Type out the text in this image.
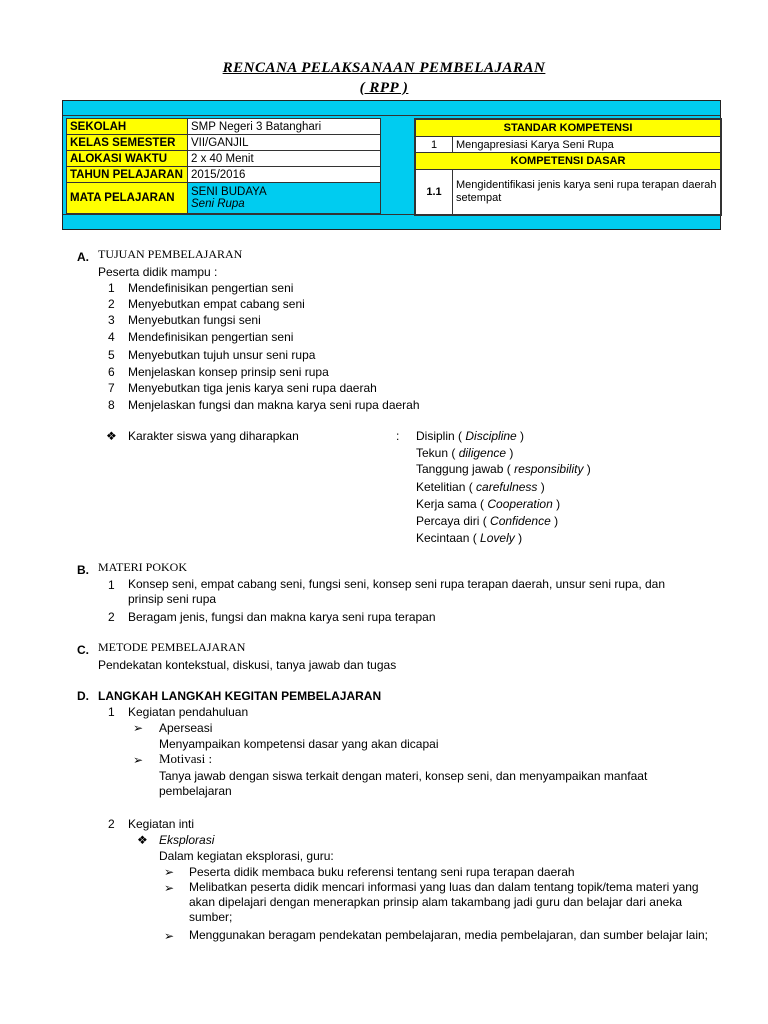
RENCANA PELAKSANAAN PEMBELAJARAN
( RPP )
SEKOLAH	SMP Negeri 3 Batanghari
KELAS SEMESTER	VII/GANJIL
ALOKASI WAKTU	2 x 40 Menit
TAHUN PELAJARAN	2015/2016
MATA PELAJARAN	SENI BUDAYA
Seni Rupa
STANDAR KOMPETENSI	
1	Mengapresiasi Karya Seni Rupa
KOMPETENSI DASAR	
1.1	Mengidentifikasi jenis karya seni rupa terapan daerah setempat
A. TUJUAN PEMBELAJARAN
Peserta didik mampu :
1 Mendefinisikan pengertian seni
2 Menyebutkan empat cabang seni
3 Menyebutkan fungsi seni
4 Mendefinisikan pengertian seni
5 Menyebutkan tujuh unsur seni rupa
6 Menjelaskan konsep prinsip seni rupa
7 Menyebutkan tiga jenis karya seni rupa daerah
8 Menjelaskan fungsi dan makna karya seni rupa daerah
❖ Karakter siswa yang diharapkan	: Disiplin ( Discipline )
Tekun ( diligence )
Tanggung jawab ( responsibility )
Ketelitian ( carefulness )
Kerja sama ( Cooperation )
Percaya diri ( Confidence )
Kecintaan ( Lovely )
B. MATERI POKOK
1 Konsep seni, empat cabang seni, fungsi seni, konsep seni rupa terapan daerah, unsur seni rupa, dan prinsip seni rupa
2 Beragam jenis, fungsi dan makna karya seni rupa terapan
C. METODE PEMBELAJARAN
Pendekatan kontekstual, diskusi, tanya jawab dan tugas
D. LANGKAH LANGKAH KEGITAN PEMBELAJARAN
1 Kegiatan pendahuluan
➢ Aperseasi
Menyampaikan kompetensi dasar yang akan dicapai
➢ Motivasi :
Tanya jawab dengan siswa terkait dengan materi, konsep seni, dan menyampaikan manfaat pembelajaran
2 Kegiatan inti
❖ Eksplorasi
Dalam kegiatan eksplorasi, guru:
➢ Peserta didik membaca buku referensi tentang seni rupa terapan daerah
➢ Melibatkan peserta didik mencari informasi yang luas dan dalam tentang topik/tema materi yang akan dipelajari dengan menerapkan prinsip alam takambang jadi guru dan belajar dari aneka sumber;
➢ Menggunakan beragam pendekatan pembelajaran, media pembelajaran, dan sumber belajar lain;
